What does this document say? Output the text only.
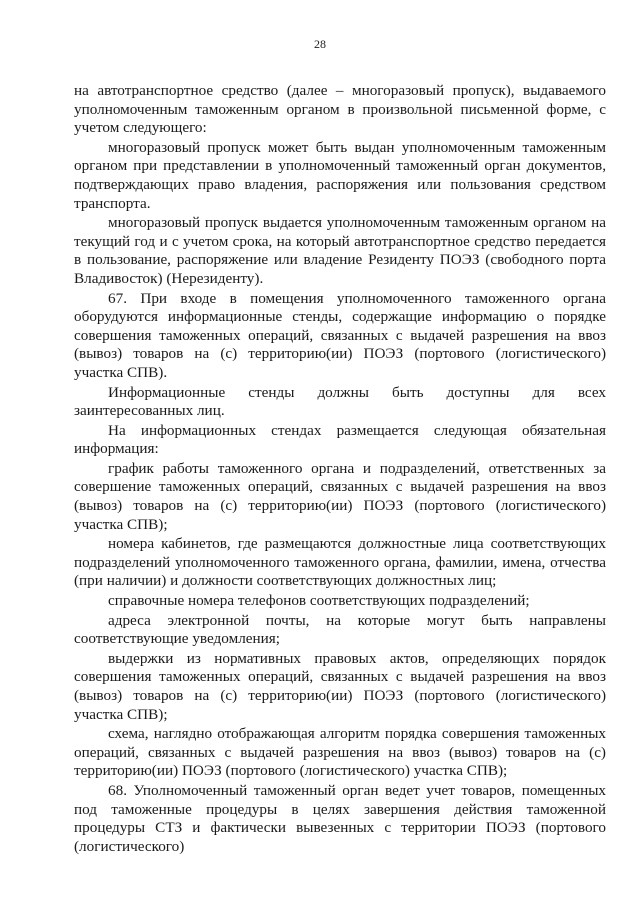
28

на автотранспортное средство (далее – многоразовый пропуск), выдаваемого уполномоченным таможенным органом в произвольной письменной форме, с учетом следующего:

многоразовый пропуск может быть выдан уполномоченным таможенным органом при представлении в уполномоченный таможенный орган документов, подтверждающих право владения, распоряжения или пользования средством транспорта.

многоразовый пропуск выдается уполномоченным таможенным органом на текущий год и с учетом срока, на который автотранспортное средство передается в пользование, распоряжение или владение Резиденту ПОЭЗ (свободного порта Владивосток) (Нерезиденту).

67. При входе в помещения уполномоченного таможенного органа оборудуются информационные стенды, содержащие информацию о порядке совершения таможенных операций, связанных с выдачей разрешения на ввоз (вывоз) товаров на (с) территорию(ии) ПОЭЗ (портового (логистического) участка СПВ).

Информационные стенды должны быть доступны для всех заинтересованных лиц.

На информационных стендах размещается следующая обязательная информация:

график работы таможенного органа и подразделений, ответственных за совершение таможенных операций, связанных с выдачей разрешения на ввоз (вывоз) товаров на (с) территорию(ии) ПОЭЗ (портового (логистического) участка СПВ);

номера кабинетов, где размещаются должностные лица соответствующих подразделений уполномоченного таможенного органа, фамилии, имена, отчества (при наличии) и должности соответствующих должностных лиц;

справочные номера телефонов соответствующих подразделений;

адреса электронной почты, на которые могут быть направлены соответствующие уведомления;

выдержки из нормативных правовых актов, определяющих порядок совершения таможенных операций, связанных с выдачей разрешения на ввоз (вывоз) товаров на (с) территорию(ии) ПОЭЗ (портового (логистического) участка СПВ);

схема, наглядно отображающая алгоритм порядка совершения таможенных операций, связанных с выдачей разрешения на ввоз (вывоз) товаров на (с) территорию(ии) ПОЭЗ (портового (логистического) участка СПВ);

68. Уполномоченный таможенный орган ведет учет товаров, помещенных под таможенные процедуры в целях завершения действия таможенной процедуры СТЗ и фактически вывезенных с территории ПОЭЗ (портового (логистического)
